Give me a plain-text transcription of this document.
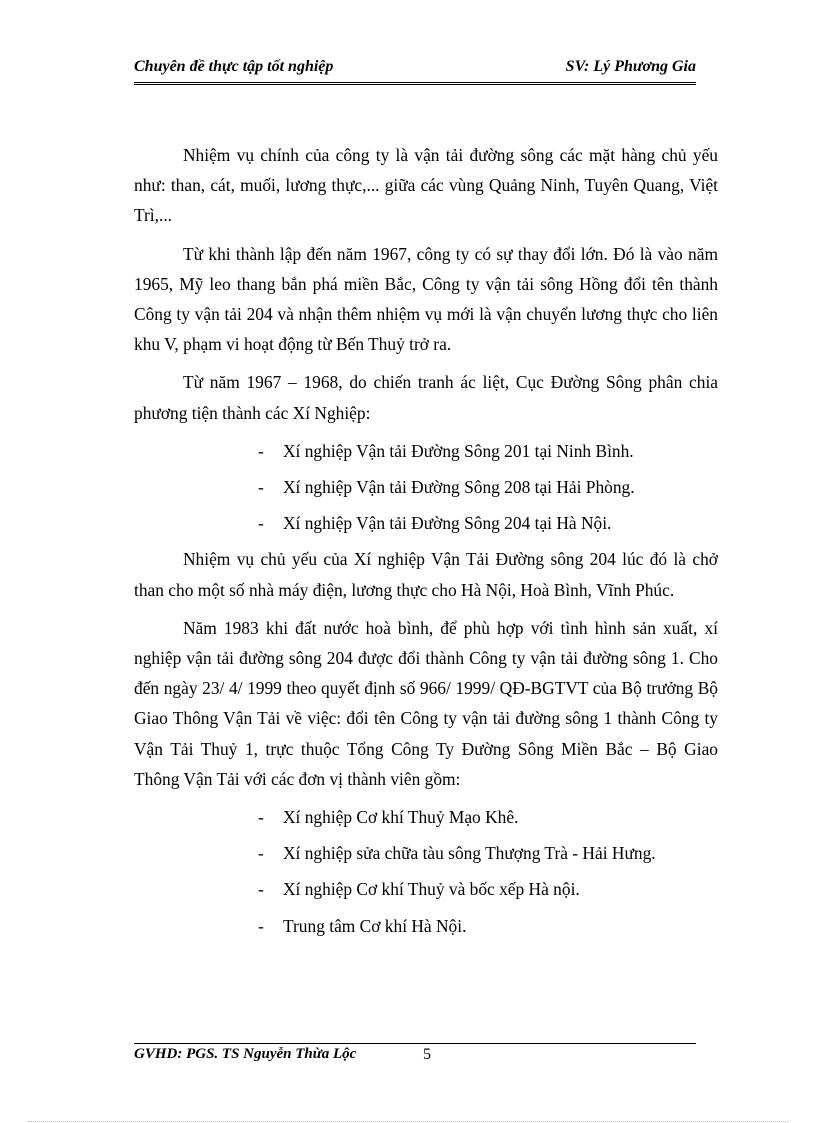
Chuyên đề thực tập tốt nghiệp	SV: Lý Phương Gia

Nhiệm vụ chính của công ty là vận tải đường sông các mặt hàng chủ yếu như: than, cát, muối, lương thực,... giữa các vùng Quảng Ninh, Tuyên Quang, Việt Trì,...

Từ khi thành lập đến năm 1967, công ty có sự thay đổi lớn. Đó là vào năm 1965, Mỹ leo thang bắn phá miền Bắc, Công ty vận tải sông Hồng đổi tên thành Công ty vận tải 204 và nhận thêm nhiệm vụ mới là vận chuyển lương thực cho liên khu V, phạm vi hoạt động từ Bến Thuỷ trở ra.

Từ năm 1967 – 1968, do chiến tranh ác liệt, Cục Đường Sông phân chia phương tiện thành các Xí Nghiệp:

- Xí nghiệp Vận tải Đường Sông 201 tại Ninh Bình.
- Xí nghiệp Vận tải Đường Sông 208 tại Hải Phòng.
- Xí nghiệp Vận tải Đường Sông 204 tại Hà Nội.

Nhiệm vụ chủ yếu của Xí nghiệp Vận Tải Đường sông 204 lúc đó là chở than cho một số nhà máy điện, lương thực cho Hà Nội, Hoà Bình, Vĩnh Phúc.

Năm 1983 khi đất nước hoà bình, để phù hợp với tình hình sản xuất, xí nghiệp vận tải đường sông 204 được đổi thành Công ty vận tải đường sông 1. Cho đến ngày 23/ 4/ 1999 theo quyết định số 966/ 1999/ QĐ-BGTVT của Bộ trưởng Bộ Giao Thông Vận Tải về việc: đổi tên Công ty vận tải đường sông 1 thành Công ty Vận Tải Thuỷ 1, trực thuộc Tổng Công Ty Đường Sông Miền Bắc – Bộ Giao Thông Vận Tải với các đơn vị thành viên gồm:

- Xí nghiệp Cơ khí Thuỷ Mạo Khê.
- Xí nghiệp sửa chữa tàu sông Thượng Trà - Hải Hưng.
- Xí nghiệp Cơ khí Thuỷ và bốc xếp Hà nội.
- Trung tâm Cơ khí Hà Nội.
GVHD: PGS. TS Nguyễn Thừa Lộc	5
